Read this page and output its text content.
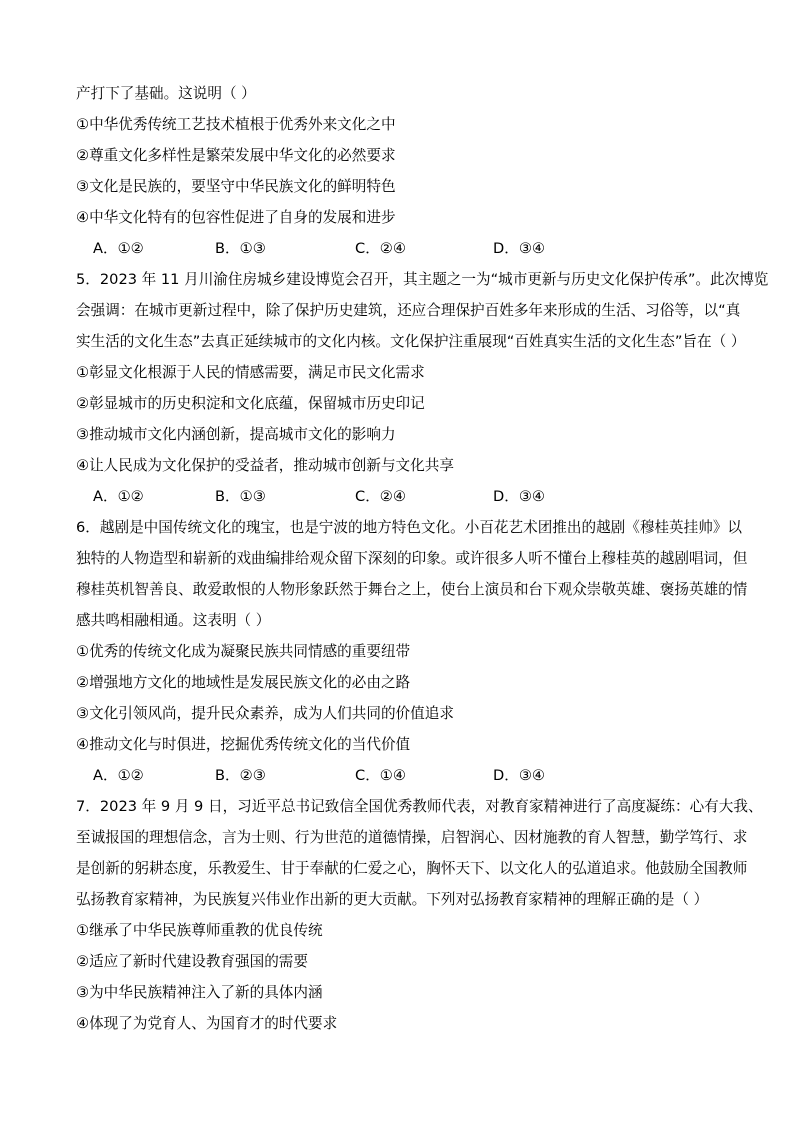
产打下了基础。这说明（ ）
①中华优秀传统工艺技术植根于优秀外来文化之中
②尊重文化多样性是繁荣发展中华文化的必然要求
③文化是民族的，要坚守中华民族文化的鲜明特色
④中华文化特有的包容性促进了自身的发展和进步
A．①②	B．①③	C．②④	D．③④
5．2023 年 11 月川渝住房城乡建设博览会召开，其主题之一为“城市更新与历史文化保护传承”。此次博览
会强调：在城市更新过程中，除了保护历史建筑，还应合理保护百姓多年来形成的生活、习俗等，以“真
实生活的文化生态”去真正延续城市的文化内核。文化保护注重展现“百姓真实生活的文化生态”旨在（ ）
①彰显文化根源于人民的情感需要，满足市民文化需求
②彰显城市的历史积淀和文化底蕴，保留城市历史印记
③推动城市文化内涵创新，提高城市文化的影响力
④让人民成为文化保护的受益者，推动城市创新与文化共享
A．①②	B．①③	C．②④	D．③④
6．越剧是中国传统文化的瑰宝，也是宁波的地方特色文化。小百花艺术团推出的越剧《穆桂英挂帅》以
独特的人物造型和崭新的戏曲编排给观众留下深刻的印象。或许很多人听不懂台上穆桂英的越剧唱词，但
穆桂英机智善良、敢爱敢恨的人物形象跃然于舞台之上，使台上演员和台下观众崇敬英雄、褒扬英雄的情
感共鸣相融相通。这表明（ ）
①优秀的传统文化成为凝聚民族共同情感的重要纽带
②增强地方文化的地域性是发展民族文化的必由之路
③文化引领风尚，提升民众素养，成为人们共同的价值追求
④推动文化与时俱进，挖掘优秀传统文化的当代价值
A．①②	B．②③	C．①④	D．③④
7．2023 年 9 月 9 日，习近平总书记致信全国优秀教师代表，对教育家精神进行了高度凝练：心有大我、
至诚报国的理想信念，言为士则、行为世范的道德情操，启智润心、因材施教的育人智慧，勤学笃行、求
是创新的躬耕态度，乐教爱生、甘于奉献的仁爱之心，胸怀天下、以文化人的弘道追求。他鼓励全国教师
弘扬教育家精神，为民族复兴伟业作出新的更大贡献。下列对弘扬教育家精神的理解正确的是（ ）
①继承了中华民族尊师重教的优良传统
②适应了新时代建设教育强国的需要
③为中华民族精神注入了新的具体内涵
④体现了为党育人、为国育才的时代要求
